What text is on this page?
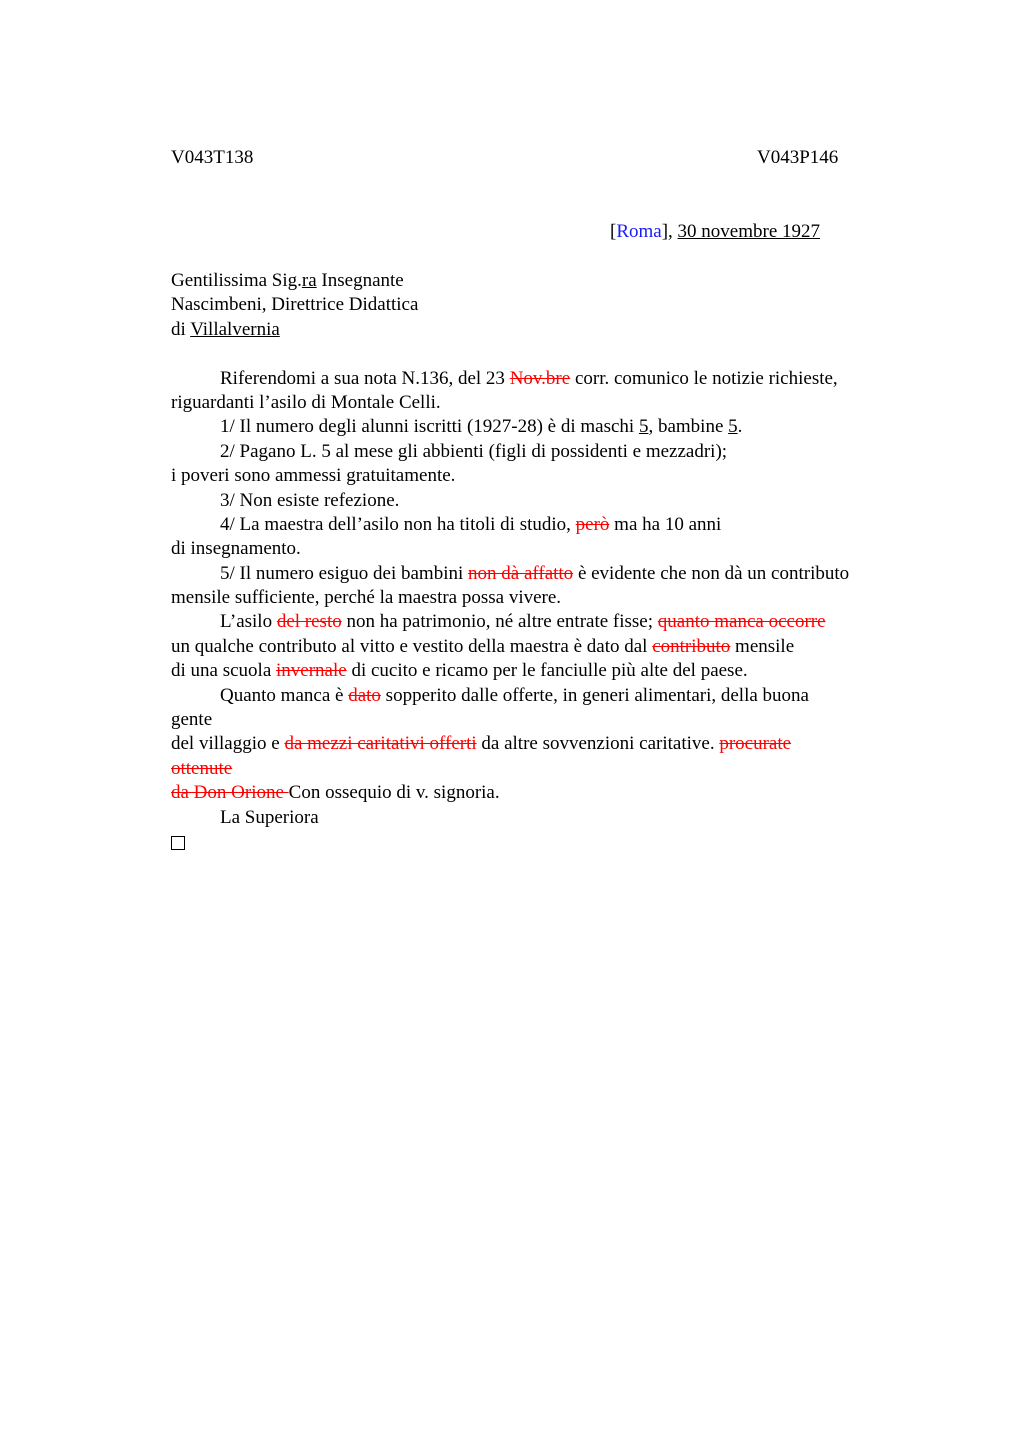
V043T138	V043P146
[Roma], 30 novembre 1927
Gentilissima Sig.ra Insegnante
Nascimbeni, Direttrice Didattica
di Villalvernia
Riferendomi a sua nota N.136, del 23 Nov.bre corr. comunico le notizie richieste,
riguardanti l’asilo di Montale Celli.
1/ Il numero degli alunni iscritti (1927-28) è di maschi 5, bambine 5.
2/ Pagano L. 5 al mese gli abbienti (figli di possidenti e mezzadri);
i poveri sono ammessi gratuitamente.
3/ Non esiste refezione.
4/ La maestra dell’asilo non ha titoli di studio, però ma ha 10 anni
di insegnamento.
5/ Il numero esiguo dei bambini non dà affatto è evidente che non dà un contributo
mensile sufficiente, perché la maestra possa vivere.
L’asilo del resto non ha patrimonio, né altre entrate fisse; quanto manca occorre
un qualche contributo al vitto e vestito della maestra è dato dal contributo mensile
di una scuola invernale di cucito e ricamo per le fanciulle più alte del paese.
Quanto manca è dato sopperito dalle offerte, in generi alimentari, della buona
gente
del villaggio e da mezzi caritativi offerti da altre sovvenzioni caritative. procurate
ottenute
da Don Orione Con ossequio di v. signoria.
La Superiora
